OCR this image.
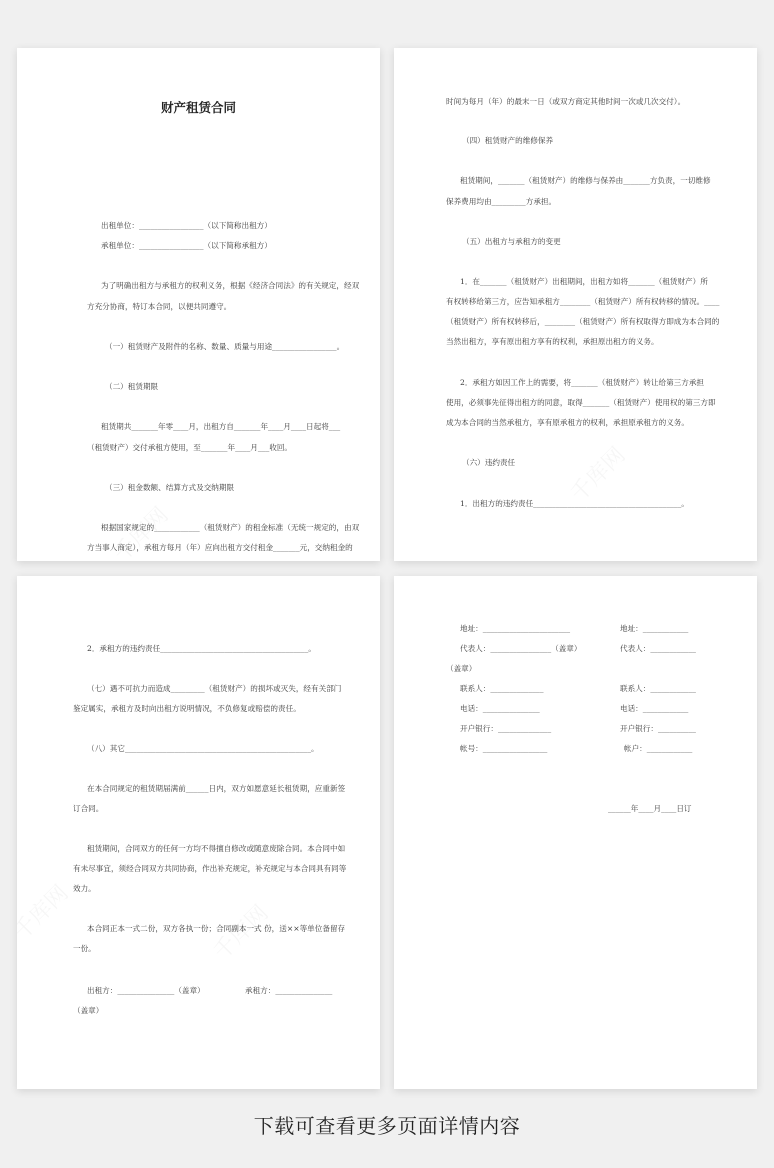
财产租赁合同
出租单位：_________________（以下简称出租方）
承租单位：_________________（以下简称承租方）
为了明确出租方与承租方的权利义务，根据《经济合同法》的有关规定，经双
方充分协商，特订本合同，以便共同遵守。
（一）租赁财产及附件的名称、数量、质量与用途_________________。
（二）租赁期限
租赁期共_______年零____月，出租方自_______年____月____日起将___
（租赁财产）交付承租方使用，至_______年____月___收回。
（三）租金数额、结算方式及交纳期限
根据国家规定的____________（租赁财产）的租金标准（无统一规定的，由双
方当事人商定），承租方每月（年）应向出租方交付租金_______元，交纳租金的
时间为每月（年）的最末一日（或双方商定其他时间一次或几次交付）。
（四）租赁财产的维修保养
租赁期间，_______（租赁财产）的维修与保养由_______方负责，一切维修
保养费用均由_________方承担。
（五）出租方与承租方的变更
1．在_______（租赁财产）出租期间，出租方如将_______（租赁财产）所
有权转移给第三方，应告知承租方________（租赁财产）所有权转移的情况。____
（租赁财产）所有权转移后，________（租赁财产）所有权取得方即成为本合同的
当然出租方，享有原出租方享有的权利，承担原出租方的义务。
2．承租方如因工作上的需要，将_______（租赁财产）转让给第三方承担
使用，必须事先征得出租方的同意，取得_______（租赁财产）使用权的第三方即
成为本合同的当然承租方，享有原承租方的权利，承担原承租方的义务。
（六）违约责任
1．出租方的违约责任_______________________________________。
2．承租方的违约责任_______________________________________。
（七）遇不可抗力而造成_________（租赁财产）的损坏或灭失，经有关部门
鉴定属实，承租方及时向出租方说明情况，不负修复或赔偿的责任。
（八）其它_________________________________________________。
在本合同规定的租赁期届满前______日内，双方如愿意延长租赁期，应重新签
订合同。
租赁期间，合同双方的任何一方均不得擅自修改或随意废除合同。本合同中如
有未尽事宜，须经合同双方共同协商，作出补充规定，补充规定与本合同具有同等
效力。
本合同正本一式二份，双方各执一份；合同副本一式 份，送××等单位备留存
一份。
出租方：_______________（盖章）	承租方：_______________
（盖章）
地址：_______________________	地址：____________
代表人：________________（盖章）	代表人：____________
（盖章）
联系人：______________	联系人：____________
电话：_______________	电话：____________
开户银行：______________	开户银行：__________
帐号：_________________	帐户：____________
______年____月____日订
下载可查看更多页面详情内容
